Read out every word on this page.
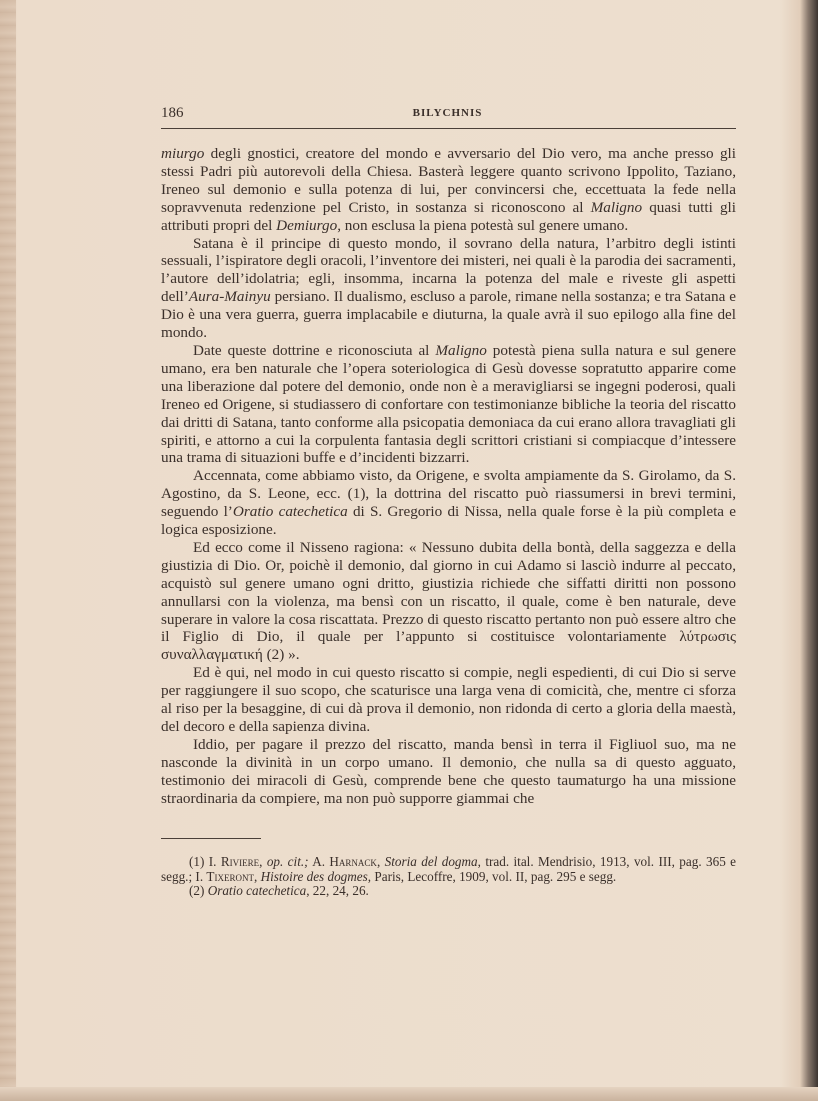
186	BILYCHNIS

miurgo degli gnostici, creatore del mondo e avversario del Dio vero, ma anche presso gli stessi Padri più autorevoli della Chiesa. Basterà leggere quanto scrivono Ippolito, Taziano, Ireneo sul demonio e sulla potenza di lui, per convincersi che, eccettuata la fede nella sopravvenuta redenzione pel Cristo, in sostanza si riconoscono al Maligno quasi tutti gli attributi propri del Demiurgo, non esclusa la piena potestà sul genere umano.

Satana è il principe di questo mondo, il sovrano della natura, l’arbitro degli istinti sessuali, l’ispiratore degli oracoli, l’inventore dei misteri, nei quali è la parodia dei sacramenti, l’autore dell’idolatria; egli, insomma, incarna la potenza del male e riveste gli aspetti dell’Aura-Mainyu persiano. Il dualismo, escluso a parole, rimane nella sostanza; e tra Satana e Dio è una vera guerra, guerra implacabile e diuturna, la quale avrà il suo epilogo alla fine del mondo.

Date queste dottrine e riconosciuta al Maligno potestà piena sulla natura e sul genere umano, era ben naturale che l’opera soteriologica di Gesù dovesse sopratutto apparire come una liberazione dal potere del demonio, onde non è a meravigliarsi se ingegni poderosi, quali Ireneo ed Origene, si studiassero di confortare con testimonianze bibliche la teoria del riscatto dai dritti di Satana, tanto conforme alla psicopatia demoniaca da cui erano allora travagliati gli spiriti, e attorno a cui la corpulenta fantasia degli scrittori cristiani si compiacque d’intessere una trama di situazioni buffe e d’incidenti bizzarri.

Accennata, come abbiamo visto, da Origene, e svolta ampiamente da S. Girolamo, da S. Agostino, da S. Leone, ecc. (1), la dottrina del riscatto può riassumersi in brevi termini, seguendo l’Oratio catechetica di S. Gregorio di Nissa, nella quale forse è la più completa e logica esposizione.

Ed ecco come il Nisseno ragiona: « Nessuno dubita della bontà, della saggezza e della giustizia di Dio. Or, poichè il demonio, dal giorno in cui Adamo si lasciò indurre al peccato, acquistò sul genere umano ogni dritto, giustizia richiede che siffatti diritti non possono annullarsi con la violenza, ma bensì con un riscatto, il quale, come è ben naturale, deve superare in valore la cosa riscattata. Prezzo di questo riscatto pertanto non può essere altro che il Figlio di Dio, il quale per l’appunto si costituisce volontariamente λύτρωσις συναλλαγματική (2) ».

Ed è qui, nel modo in cui questo riscatto si compie, negli espedienti, di cui Dio si serve per raggiungere il suo scopo, che scaturisce una larga vena di comicità, che, mentre ci sforza al riso per la besaggine, di cui dà prova il demonio, non ridonda di certo a gloria della maestà, del decoro e della sapienza divina.

Iddio, per pagare il prezzo del riscatto, manda bensì in terra il Figliuol suo, ma ne nasconde la divinità in un corpo umano. Il demonio, che nulla sa di questo agguato, testimonio dei miracoli di Gesù, comprende bene che questo taumaturgo ha una missione straordinaria da compiere, ma non può supporre giammai che

(1) I. Riviere, op. cit.; A. Harnack, Storia del dogma, trad. ital. Mendrisio, 1913, vol. III, pag. 365 e segg.; I. Tixeront, Histoire des dogmes, Paris, Lecoffre, 1909, vol. II, pag. 295 e segg.

(2) Oratio catechetica, 22, 24, 26.
